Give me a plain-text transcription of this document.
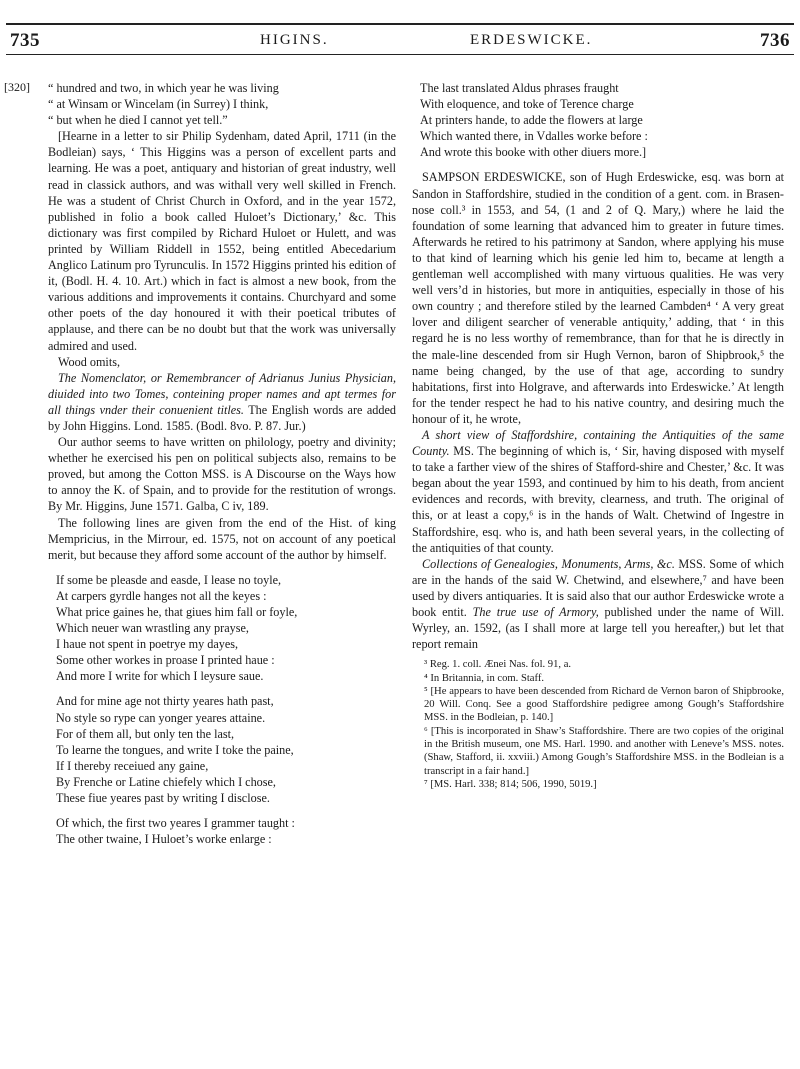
735	HIGINS.	ERDESWICKE.	736
[320] “ hundred and two, in which year he was living

“ at Winsam or Wincelam (in Surrey) I think,

“ but when he died I cannot yet tell.”

[Hearne in a letter to sir Philip Sydenham, dated April, 1711 (in the Bodleian) says, ‘ This Higgins was a person of excellent parts and learning. He was a poet, antiquary and historian of great industry, well read in classick authors, and was withall very well skilled in French. He was a student of Christ Church in Oxford, and in the year 1572, published in folio a book called Huloet’s Dictionary,’ &c. This dictionary was first compiled by Richard Huloet or Hulett, and was printed by William Riddell in 1552, being entitled Abecedarium Anglico Latinum pro Tyrunculis. In 1572 Higgins printed his edition of it, (Bodl. H. 4. 10. Art.) which in fact is almost a new book, from the various additions and improvements it contains. Churchyard and some other poets of the day honoured it with their poetical tributes of applause, and there can be no doubt but that the work was universally admired and used.

Wood omits,

The Nomenclator, or Remembrancer of Adrianus Junius Physician, diuided into two Tomes, conteining proper names and apt termes for all things vnder their conuenient titles. The English words are added by John Higgins. Lond. 1585. (Bodl. 8vo. P. 87. Jur.)

Our author seems to have written on philology, poetry and divinity; whether he exercised his pen on political subjects also, remains to be proved, but among the Cotton MSS. is A Discourse on the Ways how to annoy the K. of Spain, and to provide for the restitution of wrongs. By Mr. Higgins, June 1571. Galba, C iv, 189.

The following lines are given from the end of the Hist. of king Mempricius, in the Mirrour, ed. 1575, not on account of any poetical merit, but because they afford some account of the author by himself.

If some be pleasde and easde, I lease no toyle,
At carpers gyrdle hanges not all the keyes :
What price gaines he, that giues him fall or foyle,
Which neuer wan wrastling any prayse,
I haue not spent in poetrye my dayes,
Some other workes in proase I printed haue :
And more I write for which I leysure saue.
And for mine age not thirty yeares hath past,
No style so rype can yonger yeares attaine.
For of them all, but only ten the last,
To learne the tongues, and write I toke the paine,
If I thereby receiued any gaine,
By Frenche or Latine chiefely which I chose,
These fiue yeares past by writing I disclose.
Of which, the first two yeares I grammer taught :
The other twaine, I Huloet’s worke enlarge :
The last translated Aldus phrases fraught
With eloquence, and toke of Terence charge
At printers hande, to adde the flowers at large
Which wanted there, in Vdalles worke before :
And wrote this booke with other diuers more.]

SAMPSON ERDESWICKE, son of Hugh Erdeswicke, esq. was born at Sandon in Staffordshire, studied in the condition of a gent. com. in Brasen-nose coll.³ in 1553, and 54, (1 and 2 of Q. Mary,) where he laid the foundation of some learning that advanced him to greater in future times. Afterwards he retired to his patrimony at Sandon, where applying his muse to that kind of learning which his genie led him to, became at length a gentleman well accomplished with many virtuous qualities. He was very well vers’d in histories, but more in antiquities, especially in those of his own country ; and therefore stiled by the learned Cambden⁴ ‘ A very great lover and diligent searcher of venerable antiquity,’ adding, that ‘ in this regard he is no less worthy of remembrance, than for that he is directly in the male-line descended from sir Hugh Vernon, baron of Shipbrook,⁵ the name being changed, by the use of that age, according to sundry habitations, first into Holgrave, and afterwards into Erdeswicke.’ At length for the tender respect he had to his native country, and desiring much the honour of it, he wrote,

A short view of Staffordshire, containing the Antiquities of the same County. MS. The beginning of which is, ‘ Sir, having disposed with myself to take a farther view of the shires of Stafford-shire and Chester,’ &c. It was began about the year 1593, and continued by him to his death, from ancient evidences and records, with brevity, clearness, and truth. The original of this, or at least a copy,⁶ is in the hands of Walt. Chetwind of Ingestre in Staffordshire, esq. who is, and hath been several years, in the collecting of the antiquities of that county.

Collections of Genealogies, Monuments, Arms, &c. MSS. Some of which are in the hands of the said W. Chetwind, and elsewhere,⁷ and have been used by divers antiquaries. It is said also that our author Erdeswicke wrote a book entit. The true use of Armory, published under the name of Will. Wyrley, an. 1592, (as I shall more at large tell you hereafter,) but let that report remain

³ Reg. 1. coll. Ænei Nas. fol. 91, a.
⁴ In Britannia, in com. Staff.
⁵ [He appears to have been descended from Richard de Vernon baron of Shipbrooke, 20 Will. Conq. See a good Staffordshire pedigree among Gough’s Staffordshire MSS. in the Bodleian, p. 140.]
⁶ [This is incorporated in Shaw’s Staffordshire. There are two copies of the original in the British museum, one MS. Harl. 1990. and another with Leneve’s MSS. notes. (Shaw, Stafford, ii. xxviii.) Among Gough’s Staffordshire MSS. in the Bodleian is a transcript in a fair hand.]
⁷ [MS. Harl. 338; 814; 506, 1990, 5019.]
